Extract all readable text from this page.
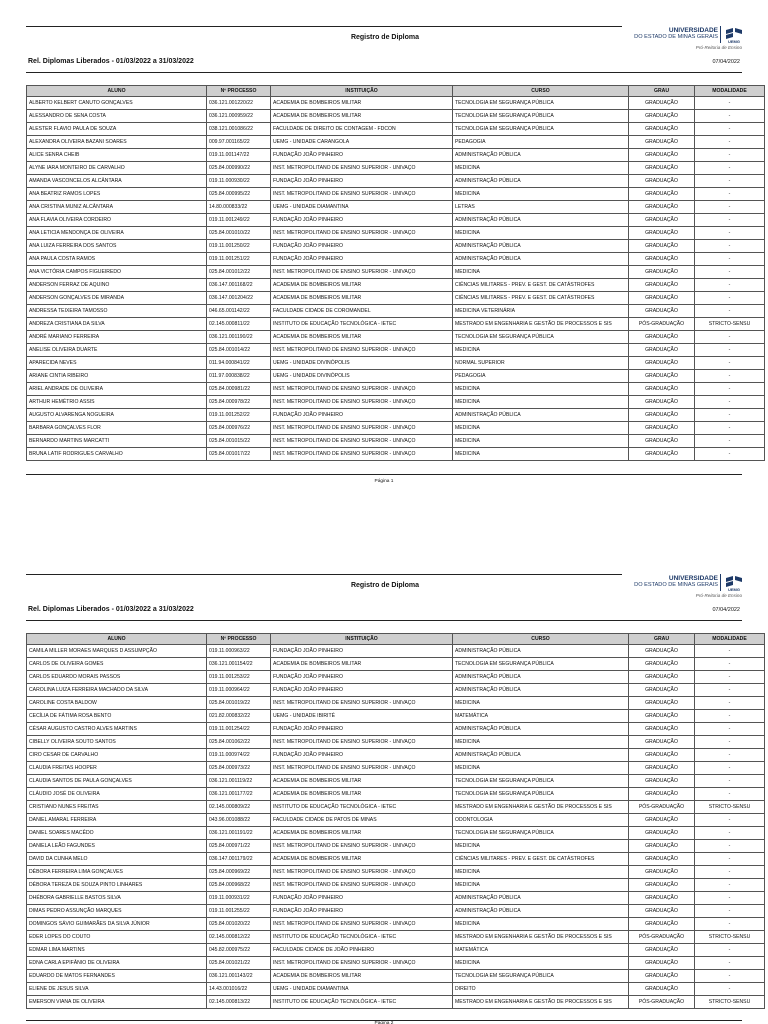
Registro de Diploma
UNIVERSIDADE
DO ESTADO DE MINAS GERAIS
UEMG
Pró-Reitoria de Ensino
Rel. Diplomas Liberados - 01/03/2022 a 31/03/2022	07/04/2022
ALUNO	Nº PROCESSO	INSTITUIÇÃO	CURSO	GRAU	MODALIDADE
ALBERTO KELBERT CANUTO GONÇALVES	036.121.001220/22	ACADEMIA DE BOMBEIROS MILITAR	TECNOLOGIA EM SEGURANÇA PÚBLICA	GRADUAÇÃO	-
ALESSANDRO DE SENA COSTA	036.121.000959/22	ACADEMIA DE BOMBEIROS MILITAR	TECNOLOGIA EM SEGURANÇA PÚBLICA	GRADUAÇÃO	-
ALESTER FLAVIO PAULA DE SOUZA	038.121.001086/22	FACULDADE DE DIREITO DE CONTAGEM - FDCON	TECNOLOGIA EM SEGURANÇA PÚBLICA	GRADUAÇÃO	-
ALEXANDRA OLIVEIRA BAZANI SOARES	009.97.001165/22	UEMG - UNIDADE CARANGOLA	PEDAGOGIA	GRADUAÇÃO	-
ALICE SENRA CHEIB	019.11.001147/22	FUNDAÇÃO JOÃO PINHEIRO	ADMINISTRAÇÃO PÚBLICA	GRADUAÇÃO	-
ALYNE IARA MONTEIRO DE CARVALHO	025.84.000990/22	INST. METROPOLITANO DE ENSINO SUPERIOR - UNIVAÇO	MEDICINA	GRADUAÇÃO	-
AMANDA VASCONCELOS ALCÂNTARA	019.11.000930/22	FUNDAÇÃO JOÃO PINHEIRO	ADMINISTRAÇÃO PÚBLICA	GRADUAÇÃO	-
ANA BEATRIZ RAMOS LOPES	025.84.000995/22	INST. METROPOLITANO DE ENSINO SUPERIOR - UNIVAÇO	MEDICINA	GRADUAÇÃO	-
ANA CRISTINA MUNIZ ALCÂNTARA	14.80.000833/22	UEMG - UNIDADE DIAMANTINA	LETRAS	GRADUAÇÃO	-
ANA FLAVIA OLIVEIRA CORDEIRO	019.11.001249/22	FUNDAÇÃO JOÃO PINHEIRO	ADMINISTRAÇÃO PÚBLICA	GRADUAÇÃO	-
ANA LETICIA MENDONÇA DE OLIVEIRA	025.84.001010/22	INST. METROPOLITANO DE ENSINO SUPERIOR - UNIVAÇO	MEDICINA	GRADUAÇÃO	-
ANA LUIZA FERREIRA DOS SANTOS	019.11.001250/22	FUNDAÇÃO JOÃO PINHEIRO	ADMINISTRAÇÃO PÚBLICA	GRADUAÇÃO	-
ANA PAULA COSTA RAMOS	019.11.001251/22	FUNDAÇÃO JOÃO PINHEIRO	ADMINISTRAÇÃO PÚBLICA	GRADUAÇÃO	-
ANA VICTÓRIA CAMPOS FIGUEIREDO	025.84.001012/22	INST. METROPOLITANO DE ENSINO SUPERIOR - UNIVAÇO	MEDICINA	GRADUAÇÃO	-
ANDERSON FERRAZ DE AQUINO	036.147.001168/22	ACADEMIA DE BOMBEIROS MILITAR	CIÊNCIAS MILITARES - PREV. E GEST. DE CATÁSTROFES	GRADUAÇÃO	-
ANDERSON GONÇALVES DE MIRANDA	036.147.001204/22	ACADEMIA DE BOMBEIROS MILITAR	CIÊNCIAS MILITARES - PREV. E GEST. DE CATÁSTROFES	GRADUAÇÃO	-
ANDRESSA TEIXEIRA TAMOSSO	046.65.001142/22	FACULDADE CIDADE DE COROMANDEL	MEDICINA VETERINÁRIA	GRADUAÇÃO	-
ANDREZA CRISTIANA DA SILVA	02.145.000811/22	INSTITUTO DE EDUCAÇÃO TECNOLÓGICA - IETEC	MESTRADO EM ENGENHARIA E GESTÃO DE PROCESSOS E SIS	PÓS-GRADUAÇÃO	STRICTO-SENSU
ANDRÉ MARIANO FERREIRA	036.121.001190/22	ACADEMIA DE BOMBEIROS MILITAR	TECNOLOGIA EM SEGURANÇA PÚBLICA	GRADUAÇÃO	-
ANELISE OLIVEIRA DUARTE	025.84.001014/22	INST. METROPOLITANO DE ENSINO SUPERIOR - UNIVAÇO	MEDICINA	GRADUAÇÃO	-
APARECIDA NEVES	011.94.000841/22	UEMG - UNIDADE DIVINÓPOLIS	NORMAL SUPERIOR	GRADUAÇÃO	-
ARIANE CINTIA RIBEIRO	011.97.000838/22	UEMG - UNIDADE DIVINÓPOLIS	PEDAGOGIA	GRADUAÇÃO	-
ARIEL ANDRADE DE OLIVEIRA	025.84.000981/22	INST. METROPOLITANO DE ENSINO SUPERIOR - UNIVAÇO	MEDICINA	GRADUAÇÃO	-
ARTHUR HEMÉTRIO ASSIS	025.84.000978/22	INST. METROPOLITANO DE ENSINO SUPERIOR - UNIVAÇO	MEDICINA	GRADUAÇÃO	-
AUGUSTO ALVARENGA NOGUEIRA	019.11.001252/22	FUNDAÇÃO JOÃO PINHEIRO	ADMINISTRAÇÃO PÚBLICA	GRADUAÇÃO	-
BARBARA GONÇALVES FLOR	025.84.000976/22	INST. METROPOLITANO DE ENSINO SUPERIOR - UNIVAÇO	MEDICINA	GRADUAÇÃO	-
BERNARDO MARTINS MARCATTI	025.84.001015/22	INST. METROPOLITANO DE ENSINO SUPERIOR - UNIVAÇO	MEDICINA	GRADUAÇÃO	-
BRUNA LATIF RODRIGUES CARVALHO	025.84.001017/22	INST. METROPOLITANO DE ENSINO SUPERIOR - UNIVAÇO	MEDICINA	GRADUAÇÃO	-
Página 1
Registro de Diploma
UNIVERSIDADE
DO ESTADO DE MINAS GERAIS
UEMG
Pró-Reitoria de Ensino
Rel. Diplomas Liberados - 01/03/2022 a 31/03/2022	07/04/2022
ALUNO	Nº PROCESSO	INSTITUIÇÃO	CURSO	GRAU	MODALIDADE
CAMILA MILLER MORAES MARQUES D ASSUMPÇÃO	019.11.000963/22	FUNDAÇÃO JOÃO PINHEIRO	ADMINISTRAÇÃO PÚBLICA	GRADUAÇÃO	-
CARLOS DE OLIVEIRA GOMES	036.121.001154/22	ACADEMIA DE BOMBEIROS MILITAR	TECNOLOGIA EM SEGURANÇA PÚBLICA	GRADUAÇÃO	-
CARLOS EDUARDO MORAIS PASSOS	019.11.001253/22	FUNDAÇÃO JOÃO PINHEIRO	ADMINISTRAÇÃO PÚBLICA	GRADUAÇÃO	-
CAROLINA LUIZA FERREIRA MACHADO DA SILVA	019.11.000964/22	FUNDAÇÃO JOÃO PINHEIRO	ADMINISTRAÇÃO PÚBLICA	GRADUAÇÃO	-
CAROLINE COSTA BALDOW	025.84.001019/22	INST. METROPOLITANO DE ENSINO SUPERIOR - UNIVAÇO	MEDICINA	GRADUAÇÃO	-
CECÍLIA DE FÁTIMA ROSA BENTO	021.82.000832/22	UEMG - UNIDADE IBIRITÉ	MATEMÁTICA	GRADUAÇÃO	-
CÉSAR AUGUSTO CASTRO ALVES MARTINS	019.11.001254/22	FUNDAÇÃO JOÃO PINHEIRO	ADMINISTRAÇÃO PÚBLICA	GRADUAÇÃO	-
CIBELLY OLIVEIRA SOUTO SANTOS	025.84.001062/22	INST. METROPOLITANO DE ENSINO SUPERIOR - UNIVAÇO	MEDICINA	GRADUAÇÃO	-
CIRO CESAR DE CARVALHO	019.11.000974/22	FUNDAÇÃO JOÃO PINHEIRO	ADMINISTRAÇÃO PÚBLICA	GRADUAÇÃO	-
CLAUDIA FREITAS HOOPER	025.84.000973/22	INST. METROPOLITANO DE ENSINO SUPERIOR - UNIVAÇO	MEDICINA	GRADUAÇÃO	-
CLAUDIA SANTOS DE PAULA GONÇALVES	036.121.001119/22	ACADEMIA DE BOMBEIROS MILITAR	TECNOLOGIA EM SEGURANÇA PÚBLICA	GRADUAÇÃO	-
CLÁUDIO JOSÉ DE OLIVEIRA	036.121.001177/22	ACADEMIA DE BOMBEIROS MILITAR	TECNOLOGIA EM SEGURANÇA PÚBLICA	GRADUAÇÃO	-
CRISTIANO NUNES FREITAS	02.145.000809/22	INSTITUTO DE EDUCAÇÃO TECNOLÓGICA - IETEC	MESTRADO EM ENGENHARIA E GESTÃO DE PROCESSOS E SIS	PÓS-GRADUAÇÃO	STRICTO-SENSU
DANIEL AMARAL FERREIRA	043.96.001088/22	FACULDADE CIDADE DE PATOS DE MINAS	ODONTOLOGIA	GRADUAÇÃO	-
DANIEL SOARES MACÊDO	036.121.001191/22	ACADEMIA DE BOMBEIROS MILITAR	TECNOLOGIA EM SEGURANÇA PÚBLICA	GRADUAÇÃO	-
DANIELA LEÃO FAGUNDES	025.84.000971/22	INST. METROPOLITANO DE ENSINO SUPERIOR - UNIVAÇO	MEDICINA	GRADUAÇÃO	-
DAVID DA CUNHA MELO	036.147.001179/22	ACADEMIA DE BOMBEIROS MILITAR	CIÊNCIAS MILITARES - PREV. E GEST. DE CATÁSTROFES	GRADUAÇÃO	-
DÉBORA FERREIRA LIMA GONÇALVES	025.84.000969/22	INST. METROPOLITANO DE ENSINO SUPERIOR - UNIVAÇO	MEDICINA	GRADUAÇÃO	-
DÉBORA TEREZA DE SOUZA PINTO LINHARES	025.84.000968/22	INST. METROPOLITANO DE ENSINO SUPERIOR - UNIVAÇO	MEDICINA	GRADUAÇÃO	-
DHÉBORA GABRIELLE BASTOS SILVA	019.11.000931/22	FUNDAÇÃO JOÃO PINHEIRO	ADMINISTRAÇÃO PÚBLICA	GRADUAÇÃO	-
DIMAS PEDRO ASSUNÇÃO MARQUES	019.11.001255/22	FUNDAÇÃO JOÃO PINHEIRO	ADMINISTRAÇÃO PÚBLICA	GRADUAÇÃO	-
DOMINGOS SÁVIO GUIMARÃES DA SILVA JÚNIOR	025.84.001020/22	INST. METROPOLITANO DE ENSINO SUPERIOR - UNIVAÇO	MEDICINA	GRADUAÇÃO	-
EDER LOPES DO COUTO	02.145.000812/22	INSTITUTO DE EDUCAÇÃO TECNOLÓGICA - IETEC	MESTRADO EM ENGENHARIA E GESTÃO DE PROCESSOS E SIS	PÓS-GRADUAÇÃO	STRICTO-SENSU
EDMAR LIMA MARTINS	045.82.000975/22	FACULDADE CIDADE DE JOÃO PINHEIRO	MATEMÁTICA	GRADUAÇÃO	-
EDNA CARLA EPIFÂNIO DE OLIVEIRA	025.84.001021/22	INST. METROPOLITANO DE ENSINO SUPERIOR - UNIVAÇO	MEDICINA	GRADUAÇÃO	-
EDUARDO DE MATOS FERNANDES	036.121.001143/22	ACADEMIA DE BOMBEIROS MILITAR	TECNOLOGIA EM SEGURANÇA PÚBLICA	GRADUAÇÃO	-
ELIENE DE JESUS SILVA	14.43.001016/22	UEMG - UNIDADE DIAMANTINA	DIREITO	GRADUAÇÃO	-
EMERSON VIANA DE OLIVEIRA	02.145.000813/22	INSTITUTO DE EDUCAÇÃO TECNOLÓGICA - IETEC	MESTRADO EM ENGENHARIA E GESTÃO DE PROCESSOS E SIS	PÓS-GRADUAÇÃO	STRICTO-SENSU
Página 2
